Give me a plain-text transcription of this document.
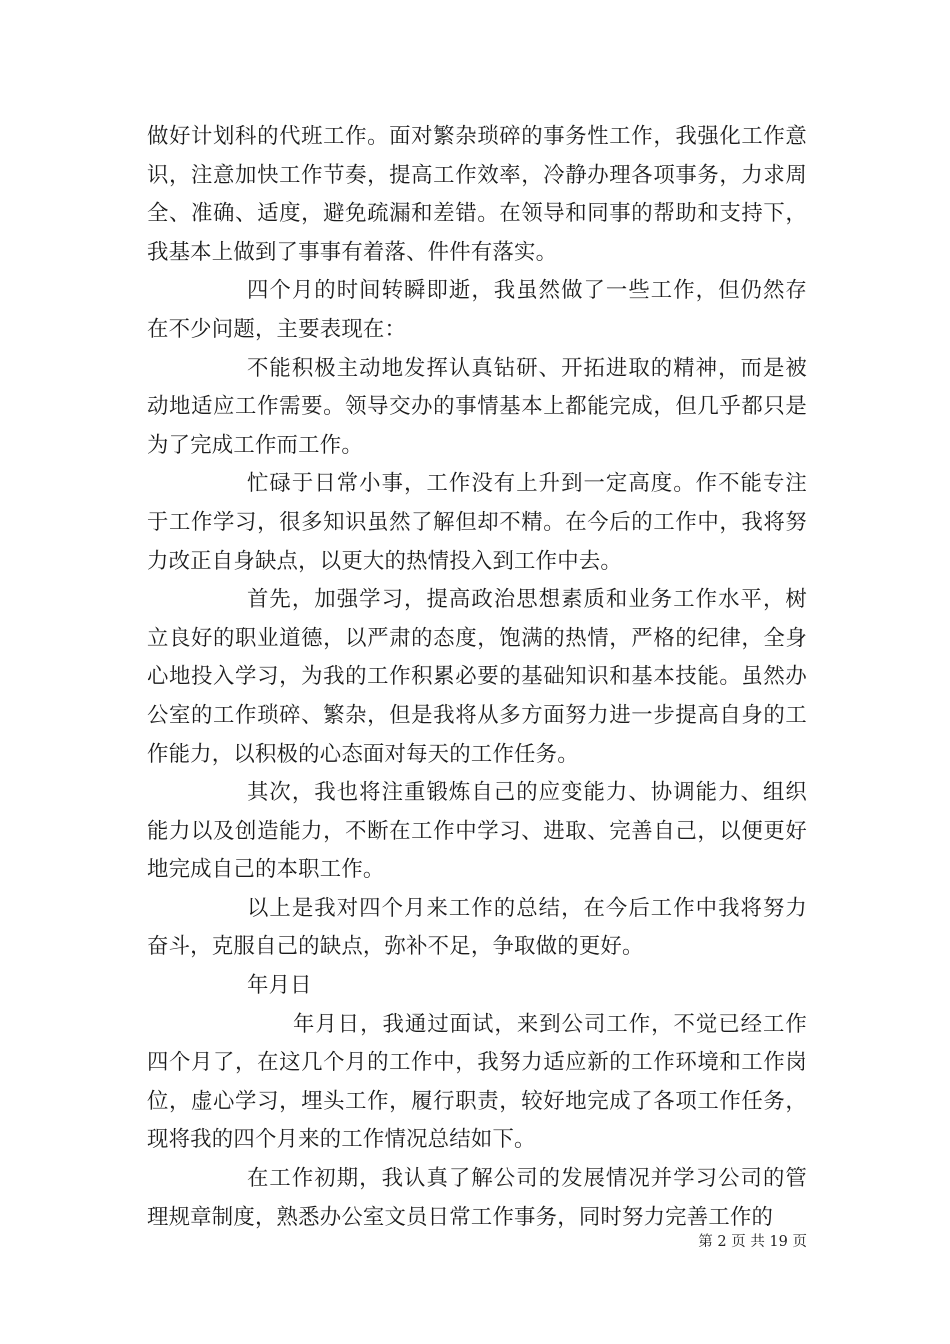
做好计划科的代班工作。面对繁杂琐碎的事务性工作，我强化工作意识，注意加快工作节奏，提高工作效率，冷静办理各项事务，力求周全、准确、适度，避免疏漏和差错。在领导和同事的帮助和支持下，我基本上做到了事事有着落、件件有落实。

四个月的时间转瞬即逝，我虽然做了一些工作，但仍然存在不少问题，主要表现在：

不能积极主动地发挥认真钻研、开拓进取的精神，而是被动地适应工作需要。领导交办的事情基本上都能完成，但几乎都只是为了完成工作而工作。

忙碌于日常小事，工作没有上升到一定高度。作不能专注于工作学习，很多知识虽然了解但却不精。在今后的工作中，我将努力改正自身缺点，以更大的热情投入到工作中去。

首先，加强学习，提高政治思想素质和业务工作水平，树立良好的职业道德，以严肃的态度，饱满的热情，严格的纪律，全身心地投入学习，为我的工作积累必要的基础知识和基本技能。虽然办公室的工作琐碎、繁杂，但是我将从多方面努力进一步提高自身的工作能力，以积极的心态面对每天的工作任务。

其次，我也将注重锻炼自己的应变能力、协调能力、组织能力以及创造能力，不断在工作中学习、进取、完善自己，以便更好地完成自己的本职工作。

以上是我对四个月来工作的总结，在今后工作中我将努力奋斗，克服自己的缺点，弥补不足，争取做的更好。

年月日

年月日，我通过面试，来到公司工作，不觉已经工作四个月了，在这几个月的工作中，我努力适应新的工作环境和工作岗位，虚心学习，埋头工作，履行职责，较好地完成了各项工作任务，现将我的四个月来的工作情况总结如下。

在工作初期，我认真了解公司的发展情况并学习公司的管理规章制度，熟悉办公室文员日常工作事务，同时努力完善工作的

第 2 页 共 19 页
